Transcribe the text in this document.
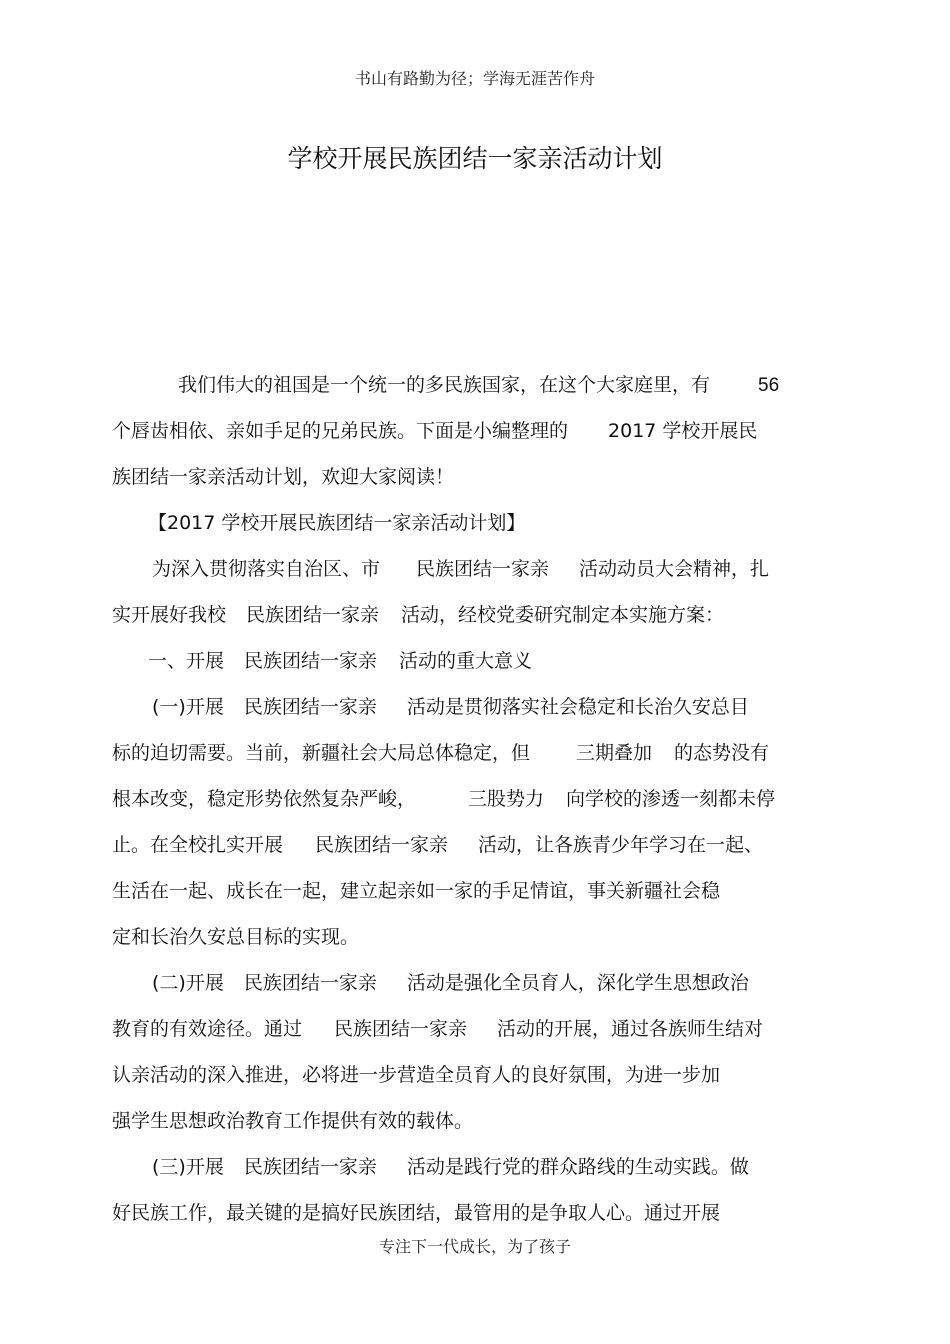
书山有路勤为径；学海无涯苦作舟
学校开展民族团结一家亲活动计划
我们伟大的祖国是一个统一的多民族国家，在这个大家庭里，有	56
个唇齿相依、亲如手足的兄弟民族。下面是小编整理的 2017 学校开展民
族团结一家亲活动计划，欢迎大家阅读！
【2017 学校开展民族团结一家亲活动计划】
为深入贯彻落实自治区、市 民族团结一家亲 活动动员大会精神，扎
实开展好我校 民族团结一家亲 活动，经校党委研究制定本实施方案：
一、开展 民族团结一家亲 活动的重大意义
(一)开展 民族团结一家亲 活动是贯彻落实社会稳定和长治久安总目
标的迫切需要。当前，新疆社会大局总体稳定，但 三期叠加 的态势没有
根本改变，稳定形势依然复杂严峻，	三股势力 向学校的渗透一刻都未停
止。在全校扎实开展 民族团结一家亲 活动，让各族青少年学习在一起、
生活在一起、成长在一起，建立起亲如一家的手足情谊，事关新疆社会稳
定和长治久安总目标的实现。
(二)开展 民族团结一家亲 活动是强化全员育人，深化学生思想政治
教育的有效途径。通过 民族团结一家亲 活动的开展，通过各族师生结对
认亲活动的深入推进，必将进一步营造全员育人的良好氛围，为进一步加
强学生思想政治教育工作提供有效的载体。
(三)开展 民族团结一家亲 活动是践行党的群众路线的生动实践。做
好民族工作，最关键的是搞好民族团结，最管用的是争取人心。通过开展
专注下一代成长，为了孩子
